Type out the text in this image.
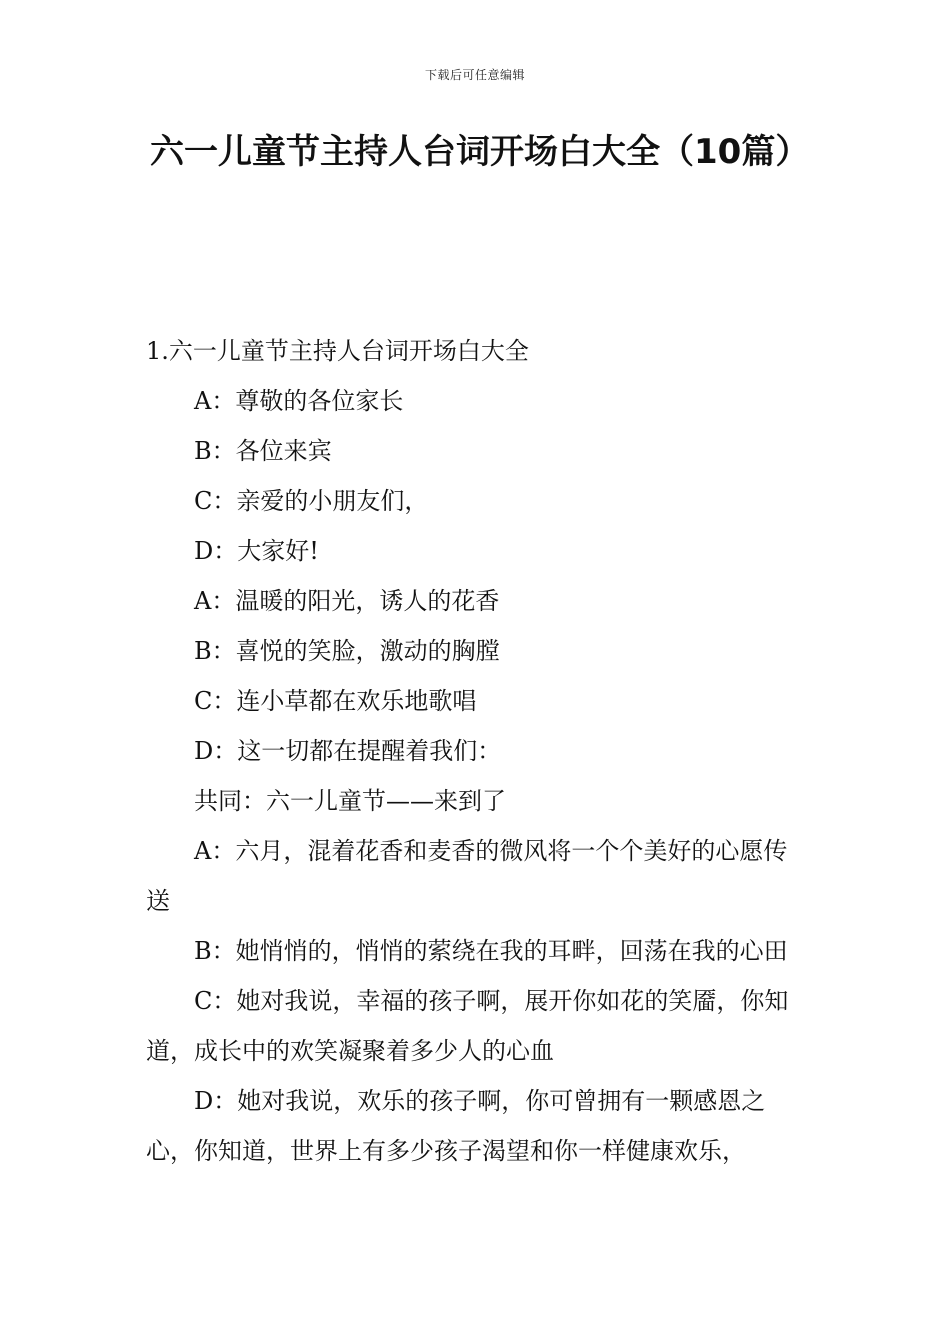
下载后可任意编辑
六一儿童节主持人台词开场白大全（10篇）

1.六一儿童节主持人台词开场白大全

A：尊敬的各位家长

B：各位来宾

C：亲爱的小朋友们，

D：大家好!

A：温暖的阳光，诱人的花香

B：喜悦的笑脸，激动的胸膛

C：连小草都在欢乐地歌唱

D：这一切都在提醒着我们：

共同：六一儿童节——来到了

A：六月，混着花香和麦香的微风将一个个美好的心愿传送

B：她悄悄的，悄悄的萦绕在我的耳畔，回荡在我的心田

C：她对我说，幸福的孩子啊，展开你如花的笑靥，你知道，成长中的欢笑凝聚着多少人的心血

D：她对我说，欢乐的孩子啊，你可曾拥有一颗感恩之心，你知道，世界上有多少孩子渴望和你一样健康欢乐，
